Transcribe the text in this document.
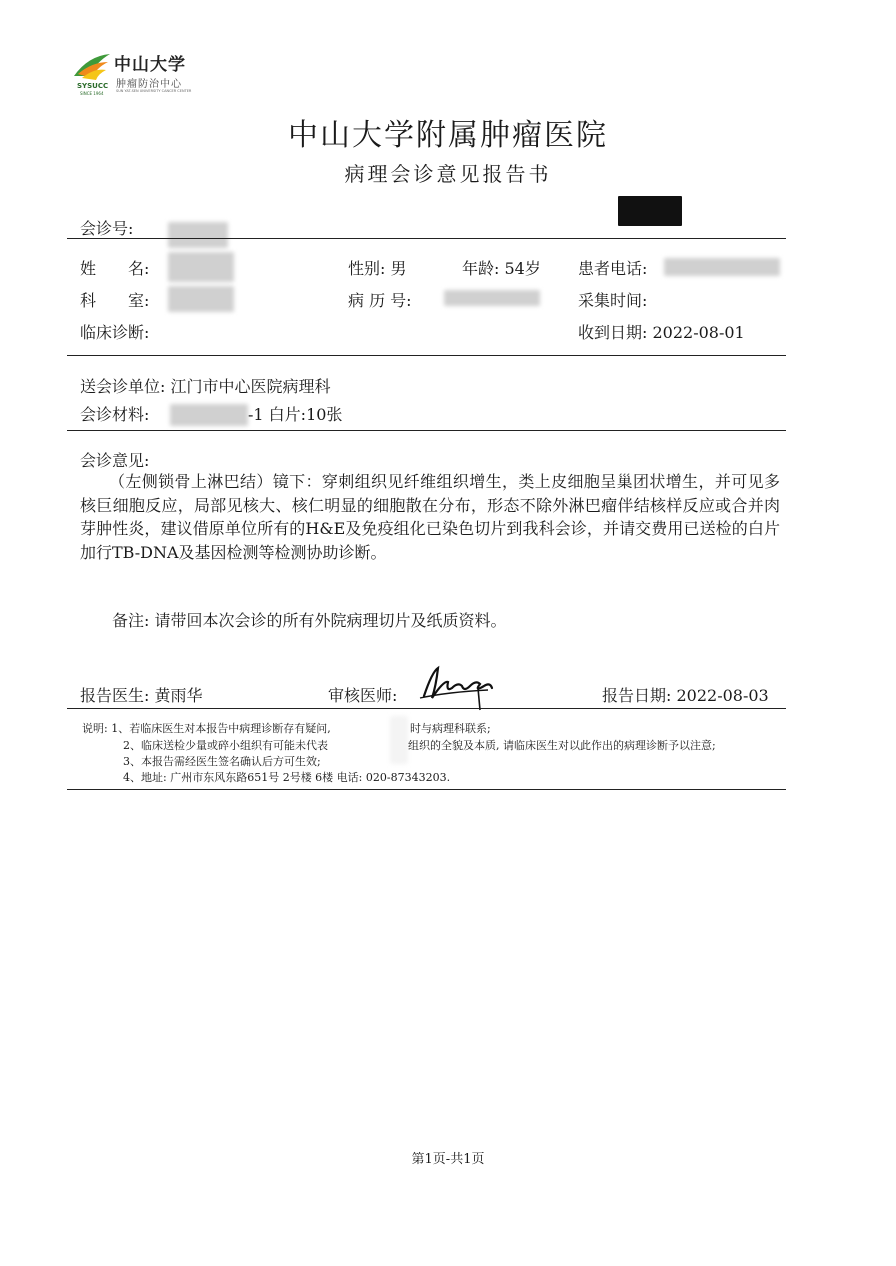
SYSUCC
SINCE 1964
中山大学
肿瘤防治中心
SUN YAT-SEN UNIVERSITY CANCER CENTER
中山大学附属肿瘤医院
病理会诊意见报告书
会诊号:
姓　　名:	性别: 男	年龄: 54岁 患者电话:
科　　室:	病 历 号:	采集时间:
临床诊断:	收到日期: 2022-08-01
送会诊单位: 江门市中心医院病理科
会诊材料:	-1 白片:10张
会诊意见:

（左侧锁骨上淋巴结）镜下：穿刺组织见纤维组织增生，类上皮细胞呈巢团状增生，并可见多核巨细胞反应，局部见核大、核仁明显的细胞散在分布，形态不除外淋巴瘤伴结核样反应或合并肉芽肿性炎，建议借原单位所有的H&E及免疫组化已染色切片到我科会诊，并请交费用已送检的白片加行TB-DNA及基因检测等检测协助诊断。

备注: 请带回本次会诊的所有外院病理切片及纸质资料。
报告医生: 黄雨华	审核医师:	报告日期: 2022-08-03
说明: 1、若临床医生对本报告中病理诊断存有疑问,	时与病理科联系;
2、临床送检少量或碎小组织有可能未代表	组织的全貌及本质, 请临床医生对以此作出的病理诊断予以注意;
3、本报告需经医生签名确认后方可生效;
4、地址: 广州市东风东路651号 2号楼 6楼 电话: 020-87343203.
第1页-共1页
